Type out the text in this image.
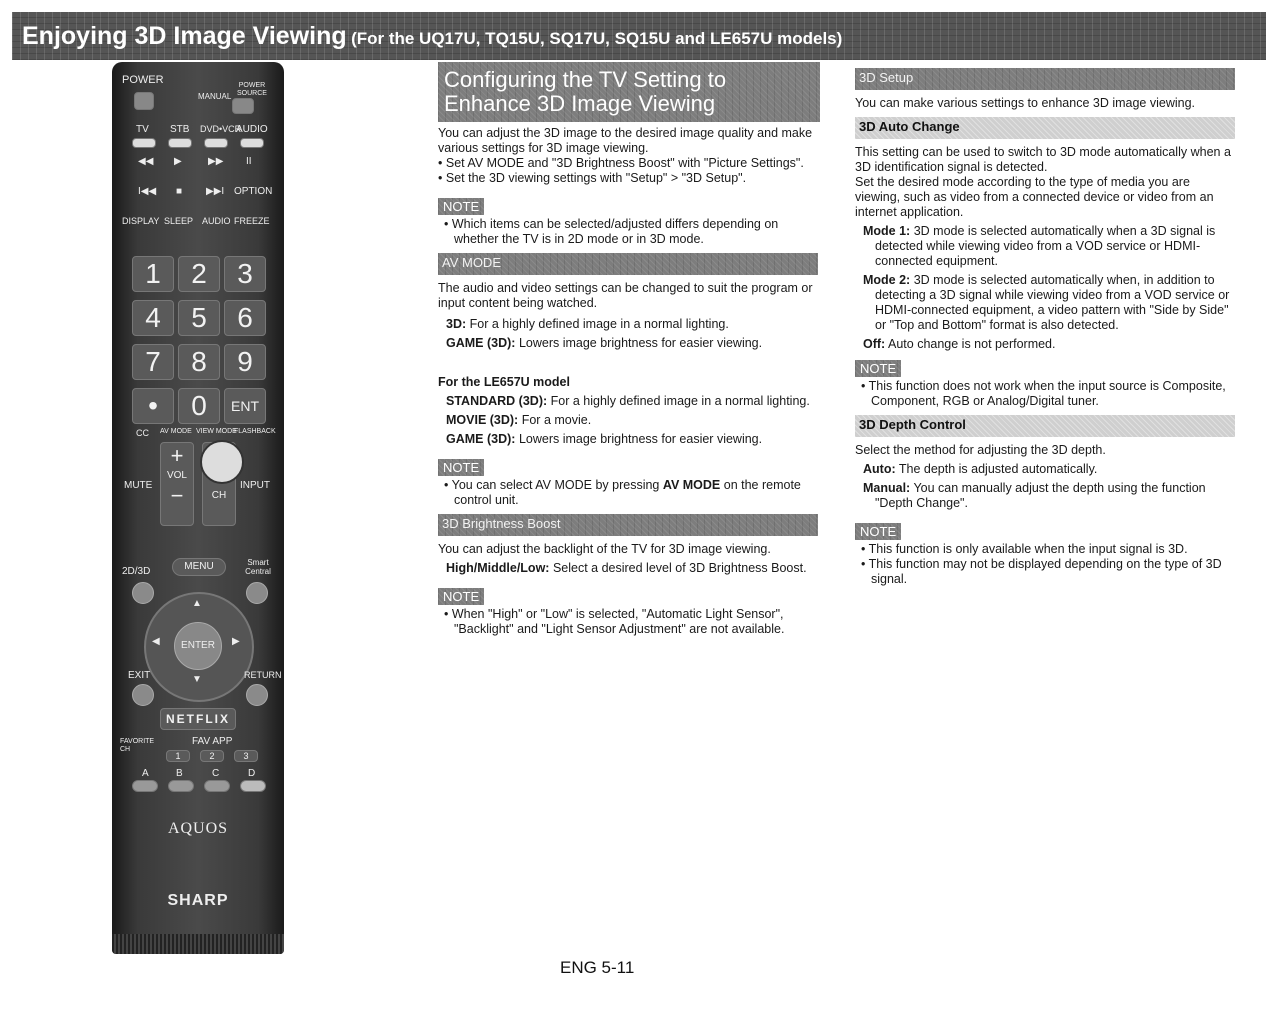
Enjoying 3D Image Viewing (For the UQ17U, TQ15U, SQ17U, SQ15U and LE657U models)
POWER
MANUAL
POWER SOURCE
TV STB DVD•VCR
AUDIO
◀◀ ▶	▶▶ II
I◀◀ ■ ▶▶I OPTION
DISPLAY SLEEP AUDIO FREEZE
1	2	3
4	5	6
7	8	9
•	0	ENT
CC AV MODE VIEW MODE
FLASHBACK
MUTE
+
VOL
−	CH
INPUT
2D/3D	MENU	Smart Central
ENTER
▲
▼
◀	▶
EXIT	RETURN
NETFLIX
FAVORITE CH
FAV APP
1	2	3
A	B	C	D
AQUOS
SHARP
Configuring the TV Setting to
Enhance 3D Image Viewing

You can adjust the 3D image to the desired image quality and make various settings for 3D image viewing.

• Set AV MODE and "3D Brightness Boost" with "Picture Settings".

• Set the 3D viewing settings with "Setup" > "3D Setup".

NOTE

• Which items can be selected/adjusted differs depending on whether the TV is in 2D mode or in 3D mode.

AV MODE

The audio and video settings can be changed to suit the program or input content being watched.

3D: For a highly defined image in a normal lighting.

GAME (3D): Lowers image brightness for easier viewing.

For the LE657U model

STANDARD (3D): For a highly defined image in a normal lighting.

MOVIE (3D): For a movie.

GAME (3D): Lowers image brightness for easier viewing.

NOTE

• You can select AV MODE by pressing AV MODE on the remote control unit.

3D Brightness Boost

You can adjust the backlight of the TV for 3D image viewing.

High/Middle/Low: Select a desired level of 3D Brightness Boost.

NOTE

• When "High" or "Low" is selected, "Automatic Light Sensor", "Backlight" and "Light Sensor Adjustment" are not available.

3D Setup

You can make various settings to enhance 3D image viewing.

3D Auto Change

This setting can be used to switch to 3D mode automatically when a 3D identification signal is detected.

Set the desired mode according to the type of media you are viewing, such as video from a connected device or video from an internet application.

Mode 1: 3D mode is selected automatically when a 3D signal is detected while viewing video from a VOD service or HDMI-connected equipment.

Mode 2: 3D mode is selected automatically when, in addition to detecting a 3D signal while viewing video from a VOD service or HDMI-connected equipment, a video pattern with "Side by Side" or "Top and Bottom" format is also detected.

Off: Auto change is not performed.

NOTE

• This function does not work when the input source is Composite, Component, RGB or Analog/Digital tuner.

3D Depth Control

Select the method for adjusting the 3D depth.

Auto: The depth is adjusted automatically.

Manual: You can manually adjust the depth using the function "Depth Change".

NOTE

• This function is only available when the input signal is 3D.

• This function may not be displayed depending on the type of 3D signal.

ENG 5-11
